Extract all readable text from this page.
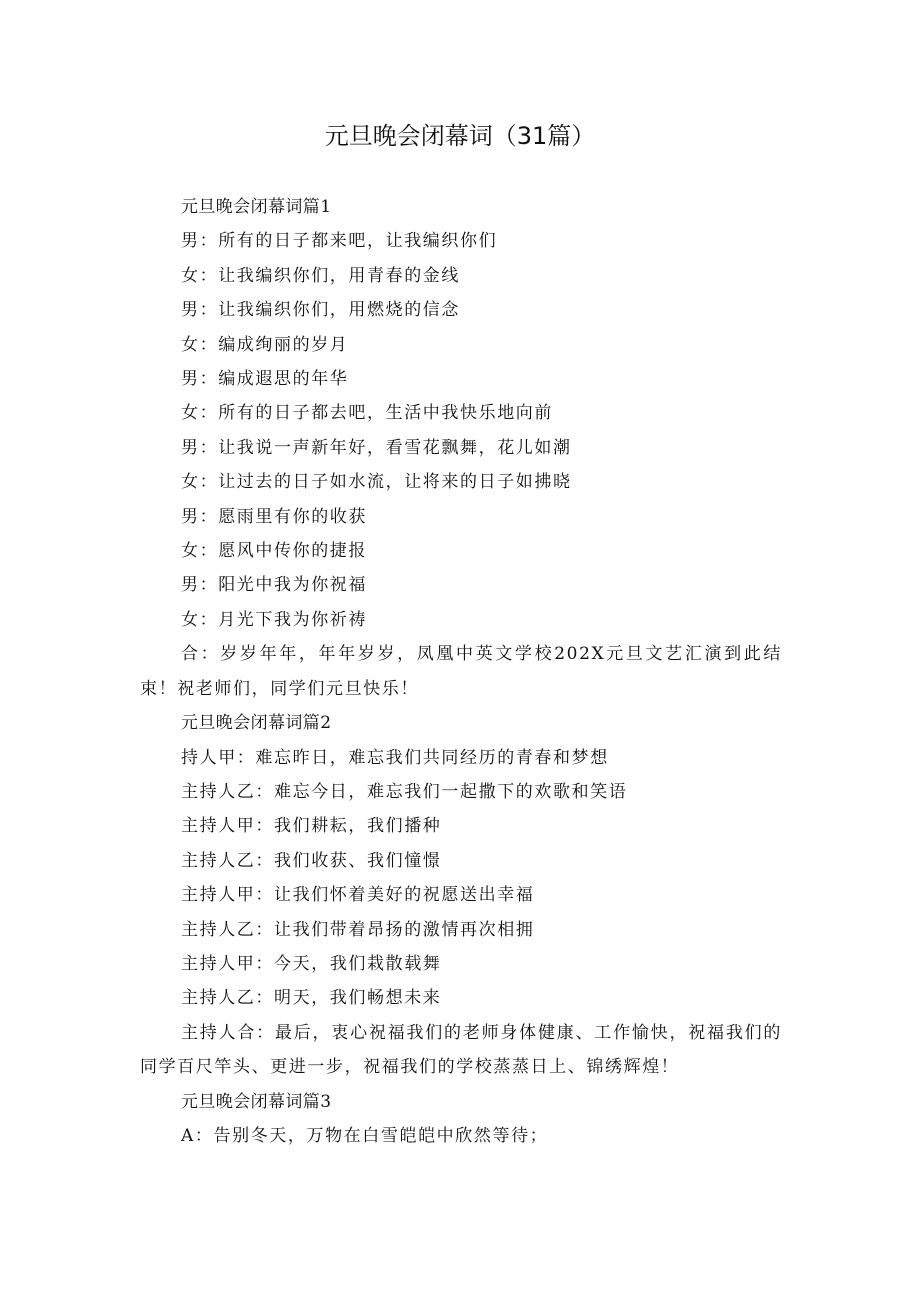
元旦晚会闭幕词（31篇）
元旦晚会闭幕词篇1
男：所有的日子都来吧，让我编织你们
女：让我编织你们，用青春的金线
男：让我编织你们，用燃烧的信念
女：编成绚丽的岁月
男：编成遐思的年华
女：所有的日子都去吧，生活中我快乐地向前
男：让我说一声新年好，看雪花飘舞，花儿如潮
女：让过去的日子如水流，让将来的日子如拂晓
男：愿雨里有你的收获
女：愿风中传你的捷报
男：阳光中我为你祝福
女：月光下我为你祈祷
合：岁岁年年，年年岁岁，凤凰中英文学校202X元旦文艺汇演到此结束！祝老师们，同学们元旦快乐！
元旦晚会闭幕词篇2
持人甲：难忘昨日，难忘我们共同经历的青春和梦想
主持人乙：难忘今日，难忘我们一起撒下的欢歌和笑语
主持人甲：我们耕耘，我们播种
主持人乙：我们收获、我们憧憬
主持人甲：让我们怀着美好的祝愿送出幸福
主持人乙：让我们带着昂扬的激情再次相拥
主持人甲：今天，我们栽散载舞
主持人乙：明天，我们畅想未来
主持人合：最后，衷心祝福我们的老师身体健康、工作愉快，祝福我们的同学百尺竿头、更进一步，祝福我们的学校蒸蒸日上、锦绣辉煌！
元旦晚会闭幕词篇3
A：告别冬天，万物在白雪皑皑中欣然等待；
